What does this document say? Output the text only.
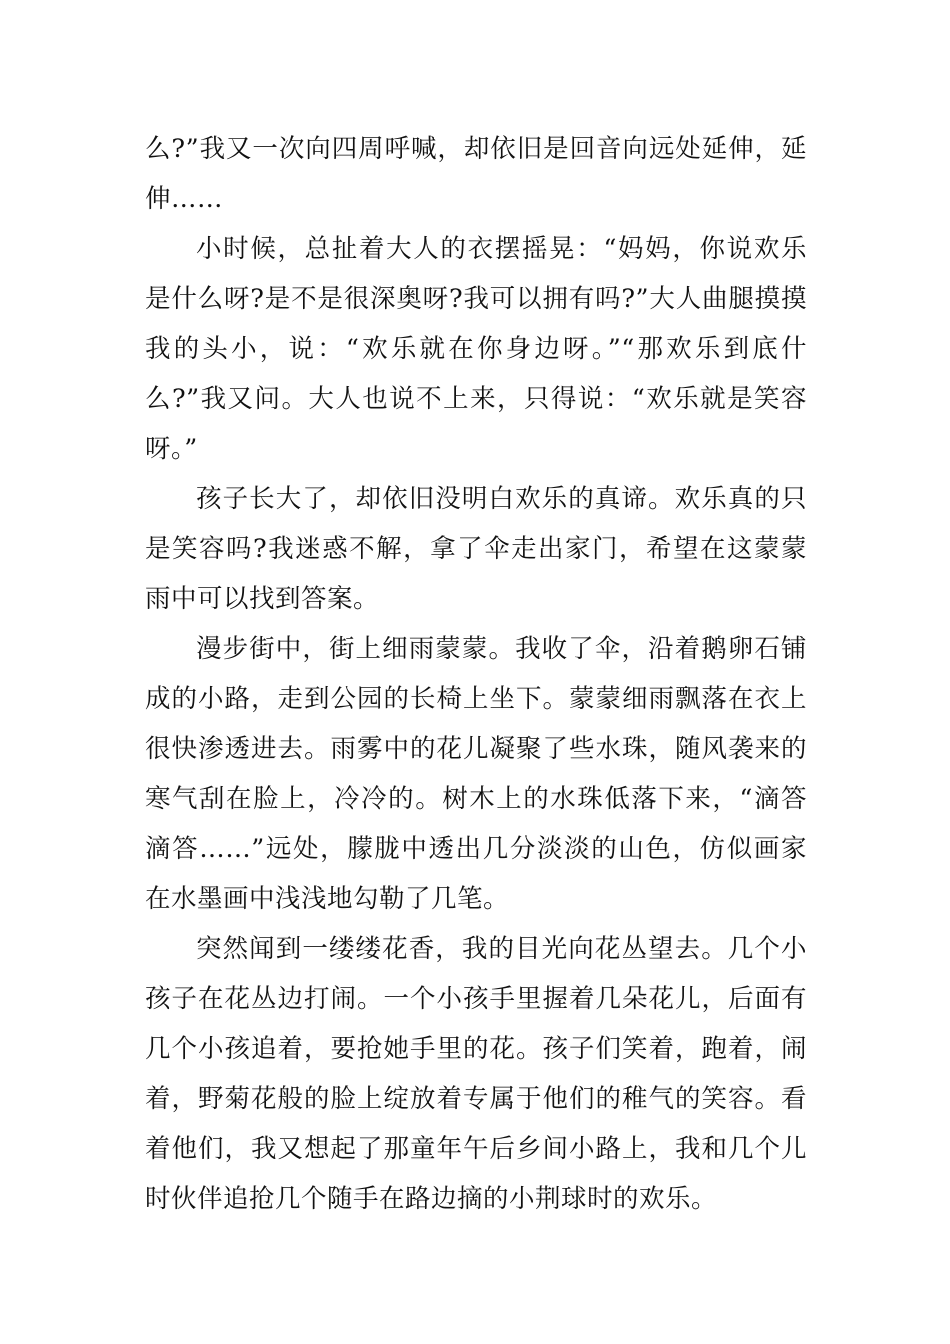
么?”我又一次向四周呼喊，却依旧是回音向远处延伸，延伸……

小时候，总扯着大人的衣摆摇晃：“妈妈，你说欢乐是什么呀?是不是很深奥呀?我可以拥有吗?”大人曲腿摸摸我的头小，说：“欢乐就在你身边呀。”“那欢乐到底什么?”我又问。大人也说不上来，只得说：“欢乐就是笑容呀。”

孩子长大了，却依旧没明白欢乐的真谛。欢乐真的只是笑容吗?我迷惑不解，拿了伞走出家门，希望在这蒙蒙雨中可以找到答案。

漫步街中，街上细雨蒙蒙。我收了伞，沿着鹅卵石铺成的小路，走到公园的长椅上坐下。蒙蒙细雨飘落在衣上很快渗透进去。雨雾中的花儿凝聚了些水珠，随风袭来的寒气刮在脸上，冷冷的。树木上的水珠低落下来，“滴答滴答……”远处，朦胧中透出几分淡淡的山色，仿似画家在水墨画中浅浅地勾勒了几笔。

突然闻到一缕缕花香，我的目光向花丛望去。几个小孩子在花丛边打闹。一个小孩手里握着几朵花儿，后面有几个小孩追着，要抢她手里的花。孩子们笑着，跑着，闹着，野菊花般的脸上绽放着专属于他们的稚气的笑容。看着他们，我又想起了那童年午后乡间小路上，我和几个儿时伙伴追抢几个随手在路边摘的小荆球时的欢乐。
